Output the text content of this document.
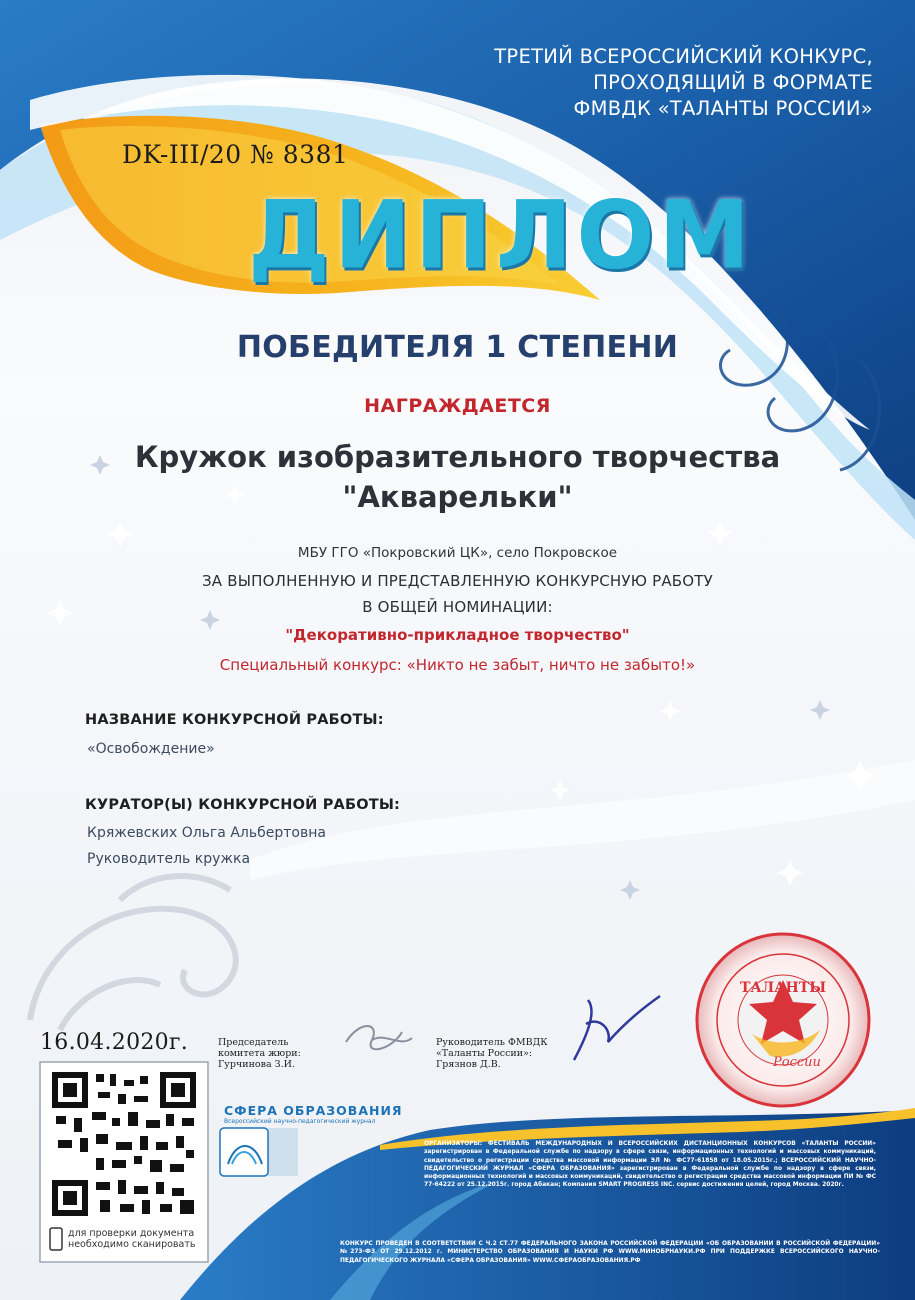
ТРЕТИЙ ВСЕРОССИЙСКИЙ КОНКУРС,
ПРОХОДЯЩИЙ В ФОРМАТЕ
ФМВДК «ТАЛАНТЫ РОССИИ»
DK-III/20 № 8381
ДИПЛОМ
ПОБЕДИТЕЛЯ 1 СТЕПЕНИ
НАГРАЖДАЕТСЯ
Кружок изобразительного творчества
"Акварельки"
МБУ ГГО «Покровский ЦК», село Покровское
ЗА ВЫПОЛНЕННУЮ И ПРЕДСТАВЛЕННУЮ КОНКУРСНУЮ РАБОТУ
В ОБЩЕЙ НОМИНАЦИИ:
"Декоративно-прикладное творчество"
Специальный конкурс: «Никто не забыт, ничто не забыто!»
НАЗВАНИЕ КОНКУРСНОЙ РАБОТЫ:
«Освобождение»
КУРАТОР(Ы) КОНКУРСНОЙ РАБОТЫ:
Кряжевских Ольга Альбертовна
Руководитель кружка
16.04.2020г.	Председатель
комитета жюри:
Гурчинова З.И.
Руководитель ФМВДК
«Таланты России»:
Грязнов Д.В.
СФЕРА ОБРАЗОВАНИЯ
Всероссийский научно-педагогический журнал
для проверки документа
необходимо сканировать
ОРГАНИЗАТОРЫ: ФЕСТИВАЛЬ МЕЖДУНАРОДНЫХ И ВСЕРОССИЙСКИХ ДИСТАНЦИОННЫХ КОНКУРСОВ «ТАЛАНТЫ РОССИИ» зарегистрирован в Федеральной службе по надзору в сфере связи, информационных технологий и массовых коммуникаций, свидетельство о регистрации средства массовой информации ЭЛ № ФС77-61858 от 18.05.2015г.; ВСЕРОССИЙСКИЙ НАУЧНО-ПЕДАГОГИЧЕСКИЙ ЖУРНАЛ «СФЕРА ОБРАЗОВАНИЯ» зарегистрирован в Федеральной службе по надзору в сфере связи, информационных технологий и массовых коммуникаций, свидетельство о регистрации средства массовой информации ПИ № ФС 77-64222 от 25.12.2015г. город Абакан; Компания SMART PROGRESS INC. сервис достижения целей, город Москва. 2020г.
КОНКУРС ПРОВЕДЕН В СООТВЕТСТВИИ С Ч.2 СТ.77 ФЕДЕРАЛЬНОГО ЗАКОНА РОССИЙСКОЙ ФЕДЕРАЦИИ «ОБ ОБРАЗОВАНИИ В РОССИЙСКОЙ ФЕДЕРАЦИИ» №273-ФЗ ОТ 29.12.2012 г. МИНИСТЕРСТВО ОБРАЗОВАНИЯ И НАУКИ РФ WWW.МИНОБРНАУКИ.РФ ПРИ ПОДДЕРЖКЕ ВСЕРОССИЙСКОГО НАУЧНО-ПЕДАГОГИЧЕСКОГО ЖУРНАЛА «СФЕРА ОБРАЗОВАНИЯ» WWW.СФЕРАОБРАЗОВАНИЯ.РФ
ТАЛАНТЫ
России
